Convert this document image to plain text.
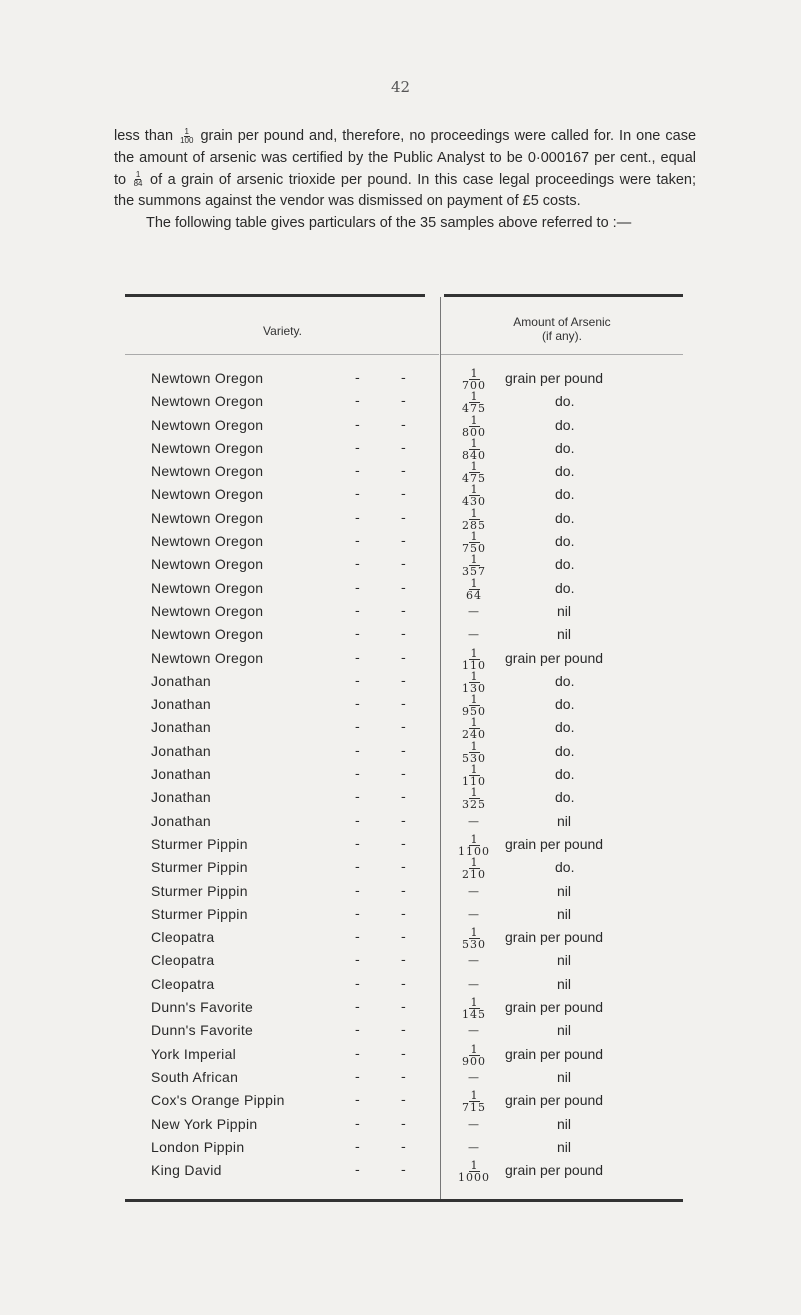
42

less than $\frac{1}{100}$ grain per pound and, therefore, no proceedings were called for. In one case the amount of arsenic was certified by the Public Analyst to be 0·000167 per cent., equal to $\frac{1}{84}$ of a grain of arsenic trioxide per pound. In this case legal proceedings were taken; the summons against the vendor was dismissed on payment of £5 costs.

The following table gives particulars of the 35 samples above referred to :—

Variety.
Amount of Arsenic
(if any).
Newtown Oregon	-	-	$\frac{1}{700}$ grain per pound
Newtown Oregon	-	-	$\frac{1}{475}$	do.
Newtown Oregon	-	-	$\frac{1}{800}$	do.
Newtown Oregon	-	-	$\frac{1}{840}$	do.
Newtown Oregon	-	-	$\frac{1}{475}$	do.
Newtown Oregon	-	-	$\frac{1}{430}$	do.
Newtown Oregon	-	-	$\frac{1}{285}$	do.
Newtown Oregon	-	-	$\frac{1}{750}$	do.
Newtown Oregon	-	-	$\frac{1}{357}$	do.
Newtown Oregon	-	-	$\frac{1}{64}$	do.
Newtown Oregon	-	-	—	nil
Newtown Oregon	-	-	—	nil
Newtown Oregon	-	-	$\frac{1}{110}$ grain per pound
Jonathan	-	-	$\frac{1}{130}$	do.
Jonathan	-	-	$\frac{1}{950}$	do.
Jonathan	-	-	$\frac{1}{240}$	do.
Jonathan	-	-	$\frac{1}{530}$	do.
Jonathan	-	-	$\frac{1}{110}$	do.
Jonathan	-	-	$\frac{1}{325}$	do.
Jonathan	-	-	—	nil
Sturmer Pippin	-	-	$\frac{1}{1100}$ grain per pound
Sturmer Pippin	-	-	$\frac{1}{210}$	do.
Sturmer Pippin	-	-	—	nil
Sturmer Pippin	-	-	—	nil
Cleopatra	-	-	$\frac{1}{530}$ grain per pound
Cleopatra	-	-	—	nil
Cleopatra	-	-	—	nil
Dunn's Favorite	-	-	$\frac{1}{145}$ grain per pound
Dunn's Favorite	-	-	—	nil
York Imperial	-	-	$\frac{1}{900}$ grain per pound
South African	-	-	—	nil
Cox's Orange Pippin	-	-	$\frac{1}{715}$ grain per pound
New York Pippin	-	-	—	nil
London Pippin	-	-	—	nil
King David	-	-	$\frac{1}{1000}$ grain per pound
